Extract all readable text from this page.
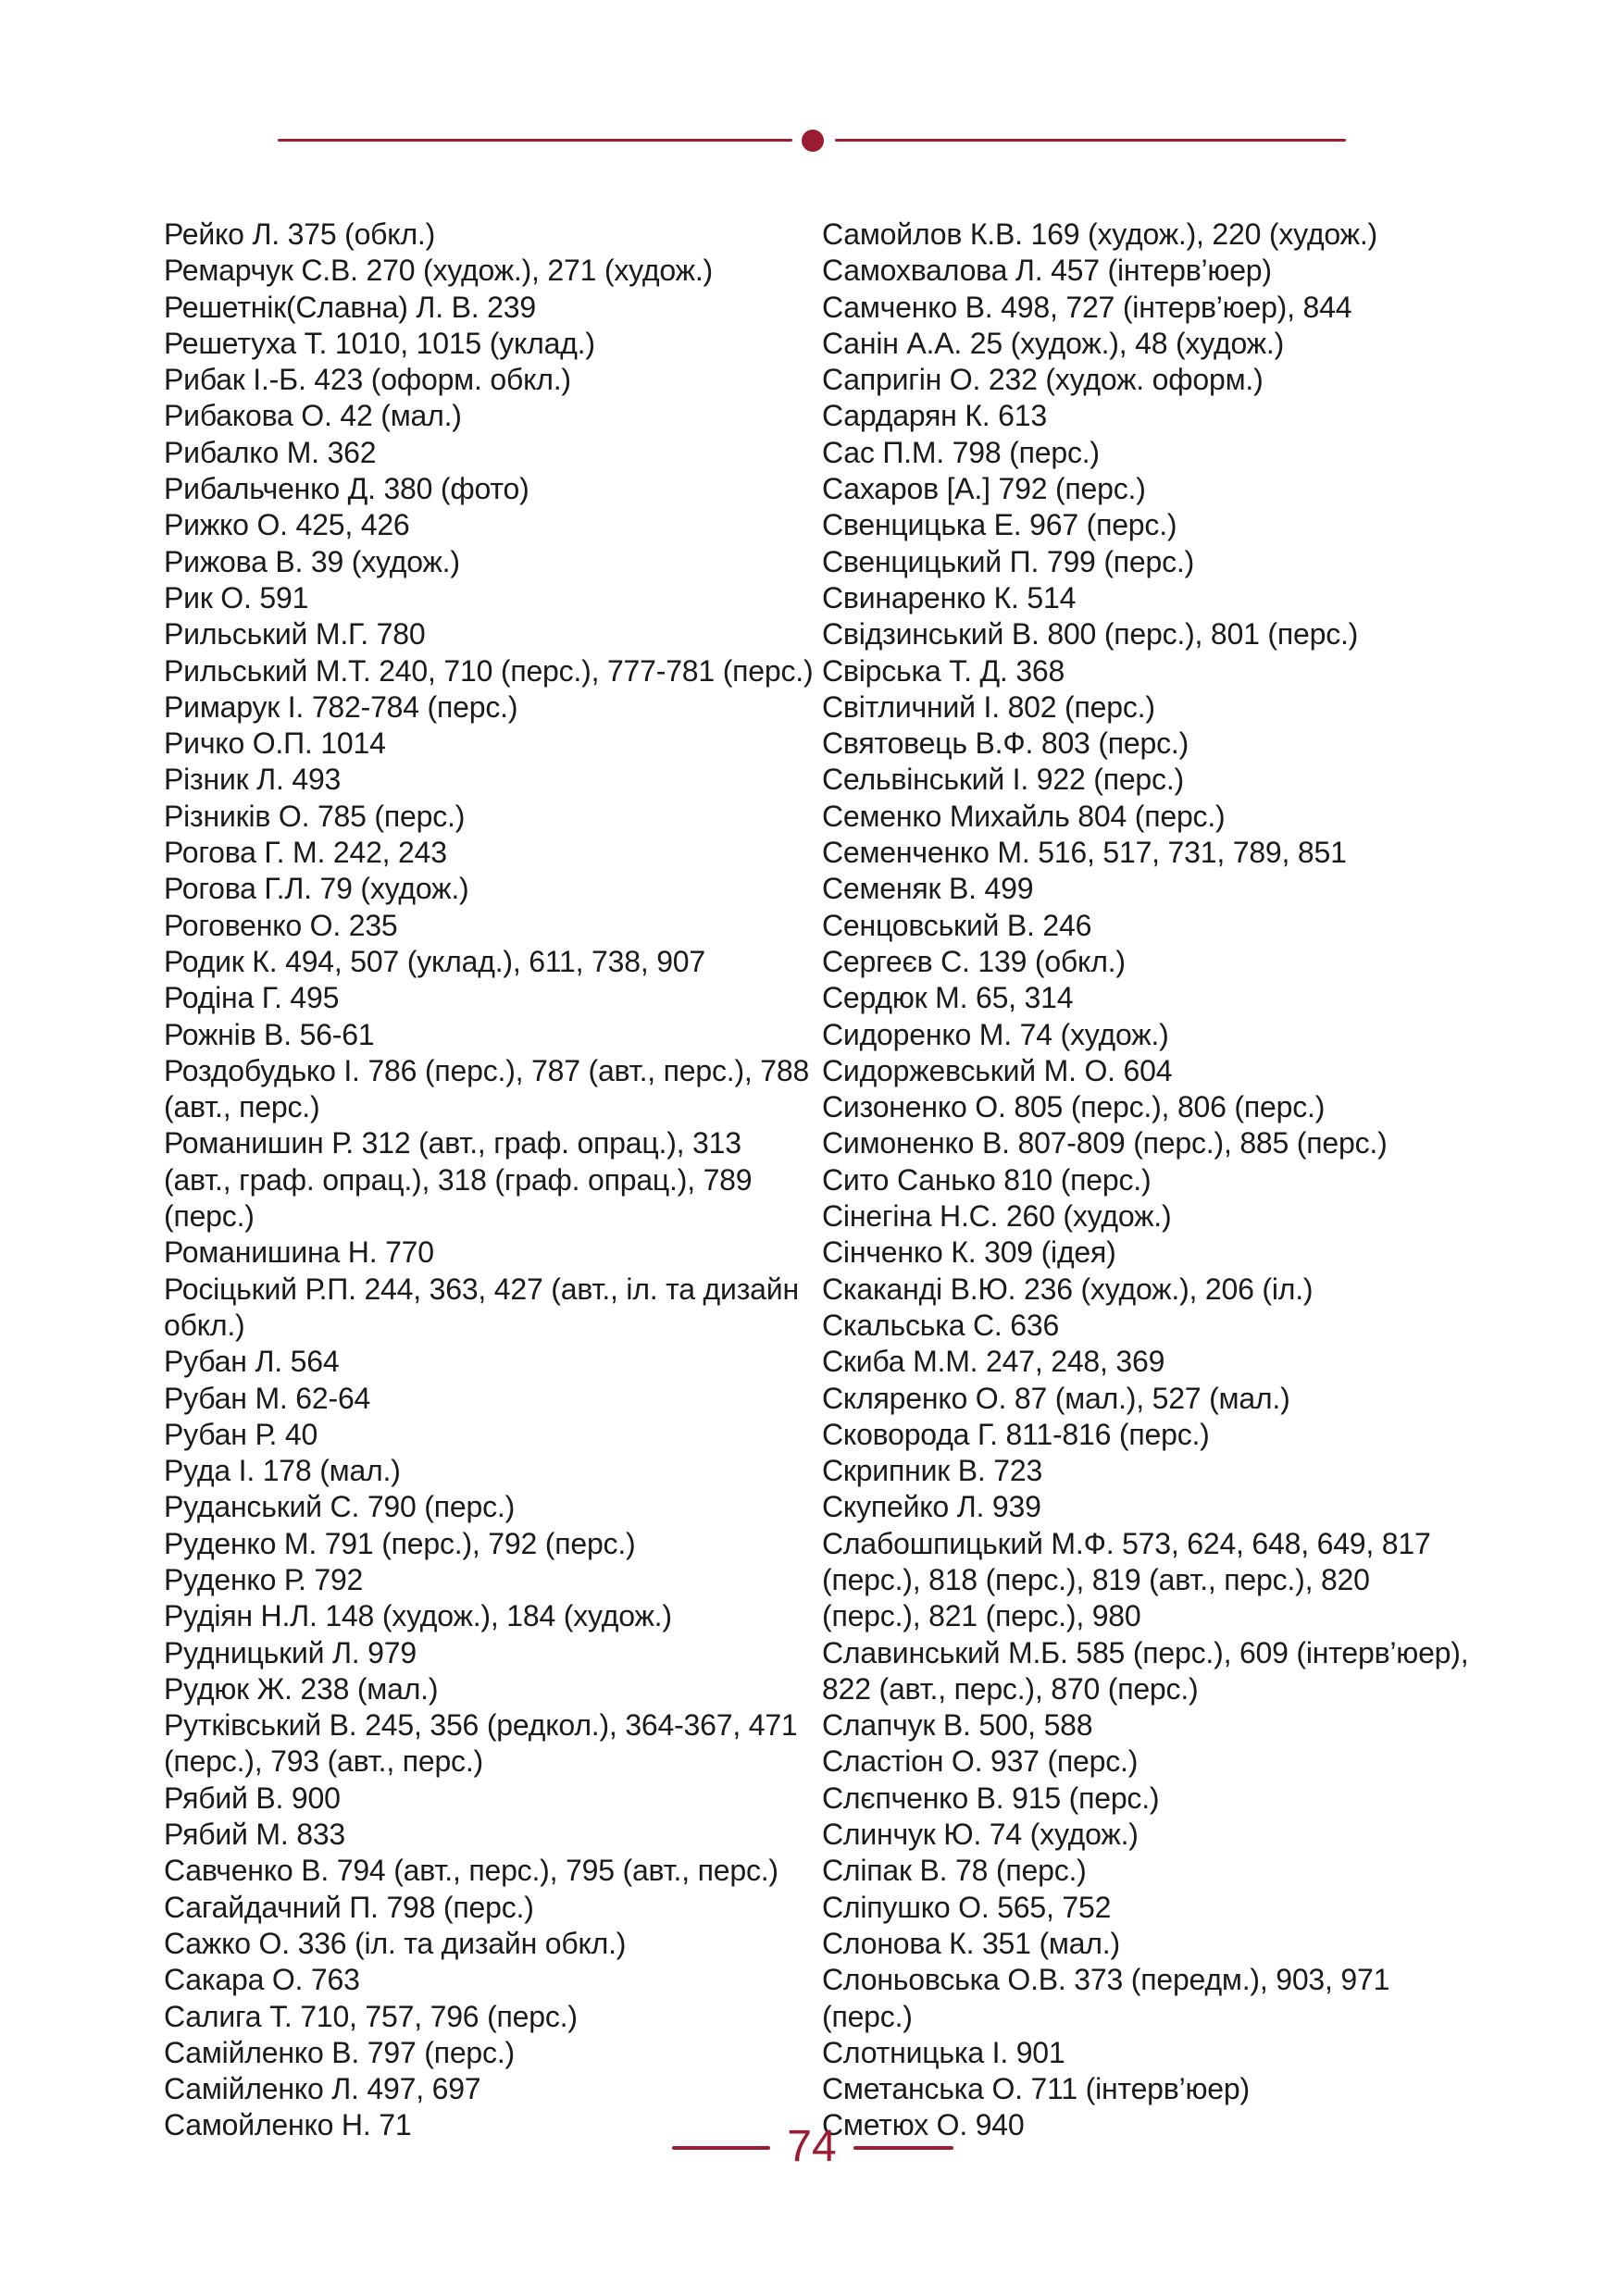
Рейко Л. 375 (обкл.)

Ремарчук С.В. 270 (худож.), 271 (худож.)

Решетнік(Славна) Л. В. 239

Решетуха Т. 1010, 1015 (уклад.)

Рибак І.-Б. 423 (оформ. обкл.)

Рибакова О. 42 (мал.)

Рибалко М. 362

Рибальченко Д. 380 (фото)

Рижко О. 425, 426

Рижова В. 39 (худож.)

Рик О. 591

Рильський М.Г. 780

Рильський М.Т. 240, 710 (перс.), 777-781 (перс.)

Римарук І. 782-784 (перс.)

Ричко О.П. 1014

Різник Л. 493

Різників О. 785 (перс.)

Рогова Г. М. 242, 243

Рогова Г.Л. 79 (худож.)

Роговенко О. 235

Родик К. 494, 507 (уклад.), 611, 738, 907

Родіна Г. 495

Рожнів В. 56-61

Роздобудько І. 786 (перс.), 787 (авт., перс.), 788 (авт., перс.)

Романишин Р. 312 (авт., граф. опрац.), 313 (авт., граф. опрац.), 318 (граф. опрац.), 789 (перс.)

Романишина Н. 770

Росіцький Р.П. 244, 363, 427 (авт., іл. та дизайн обкл.)

Рубан Л. 564

Рубан М. 62-64

Рубан Р. 40

Руда І. 178 (мал.)

Руданський С. 790 (перс.)

Руденко М. 791 (перс.), 792 (перс.)

Руденко Р. 792

Рудіян Н.Л. 148 (худож.), 184 (худож.)

Рудницький Л. 979

Рудюк Ж. 238 (мал.)

Рутківський В. 245, 356 (редкол.), 364-367, 471 (перс.), 793 (авт., перс.)

Рябий В. 900

Рябий М. 833

Савченко В. 794 (авт., перс.), 795 (авт., перс.)

Сагайдачний П. 798 (перс.)

Сажко О. 336 (іл. та дизайн обкл.)

Сакара О. 763

Салига Т. 710, 757, 796 (перс.)

Самійленко В. 797 (перс.)

Самійленко Л. 497, 697

Самойленко Н. 71

Самойлов К.В. 169 (худож.), 220 (худож.)

Самохвалова Л. 457 (інтерв’юер)

Самченко В. 498, 727 (інтерв’юер), 844

Санін А.А. 25 (худож.), 48 (худож.)

Сапригін О. 232 (худож. оформ.)

Сардарян К. 613

Сас П.М. 798 (перс.)

Сахаров [А.] 792 (перс.)

Свенцицька Е. 967 (перс.)

Свенцицький П. 799 (перс.)

Свинаренко К. 514

Свідзинський В. 800 (перс.), 801 (перс.)

Свірська Т. Д. 368

Світличний І. 802 (перс.)

Святовець В.Ф. 803 (перс.)

Сельвінський І. 922 (перс.)

Семенко Михайль 804 (перс.)

Семенченко М. 516, 517, 731, 789, 851

Семеняк В. 499

Сенцовський В. 246

Сергеєв С. 139 (обкл.)

Сердюк М. 65, 314

Сидоренко М. 74 (худож.)

Сидоржевський М. О. 604

Сизоненко О. 805 (перс.), 806 (перс.)

Симоненко В. 807-809 (перс.), 885 (перс.)

Сито Санько 810 (перс.)

Сінегіна Н.С. 260 (худож.)

Сінченко К. 309 (ідея)

Скаканді В.Ю. 236 (худож.), 206 (іл.)

Скальська С. 636

Скиба М.М. 247, 248, 369

Скляренко О. 87 (мал.), 527 (мал.)

Сковорода Г. 811-816 (перс.)

Скрипник В. 723

Скупейко Л. 939

Слабошпицький М.Ф. 573, 624, 648, 649, 817 (перс.), 818 (перс.), 819 (авт., перс.), 820 (перс.), 821 (перс.), 980

Славинський М.Б. 585 (перс.), 609 (інтерв’юер), 822 (авт., перс.), 870 (перс.)

Слапчук В. 500, 588

Сластіон О. 937 (перс.)

Слєпченко В. 915 (перс.)

Слинчук Ю. 74 (худож.)

Сліпак В. 78 (перс.)

Сліпушко О. 565, 752

Слонова К. 351 (мал.)

Слоньовська О.В. 373 (передм.), 903, 971 (перс.)

Слотницька І. 901

Сметанська О. 711 (інтерв’юер)

Сметюх О. 940

74
